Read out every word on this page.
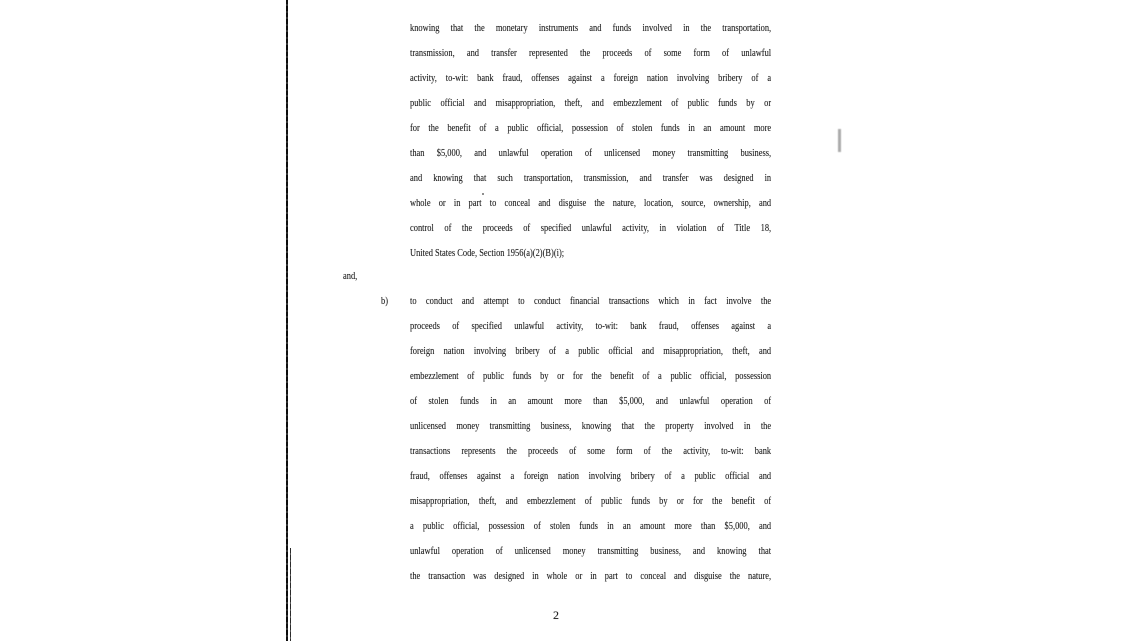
knowing that the monetary instruments and funds involved in the transportation,
transmission, and transfer represented the proceeds of some form of unlawful
activity, to-wit: bank fraud, offenses against a foreign nation involving bribery of a
public official and misappropriation, theft, and embezzlement of public funds by or
for the benefit of a public official, possession of stolen funds in an amount more
than $5,000, and unlawful operation of unlicensed money transmitting business,
and knowing that such transportation, transmission, and transfer was designed in
whole or in part to conceal and disguise the nature, location, source, ownership, and
control of the proceeds of specified unlawful activity, in violation of Title 18,
United States Code, Section 1956(a)(2)(B)(i);
and,
b) to conduct and attempt to conduct financial transactions which in fact involve the
proceeds of specified unlawful activity, to-wit: bank fraud, offenses against a
foreign nation involving bribery of a public official and misappropriation, theft, and
embezzlement of public funds by or for the benefit of a public official, possession
of stolen funds in an amount more than $5,000, and unlawful operation of
unlicensed money transmitting business, knowing that the property involved in the
transactions represents the proceeds of some form of the activity, to-wit: bank
fraud, offenses against a foreign nation involving bribery of a public official and
misappropriation, theft, and embezzlement of public funds by or for the benefit of
a public official, possession of stolen funds in an amount more than $5,000, and
unlawful operation of unlicensed money transmitting business, and knowing that
the transaction was designed in whole or in part to conceal and disguise the nature,
2
